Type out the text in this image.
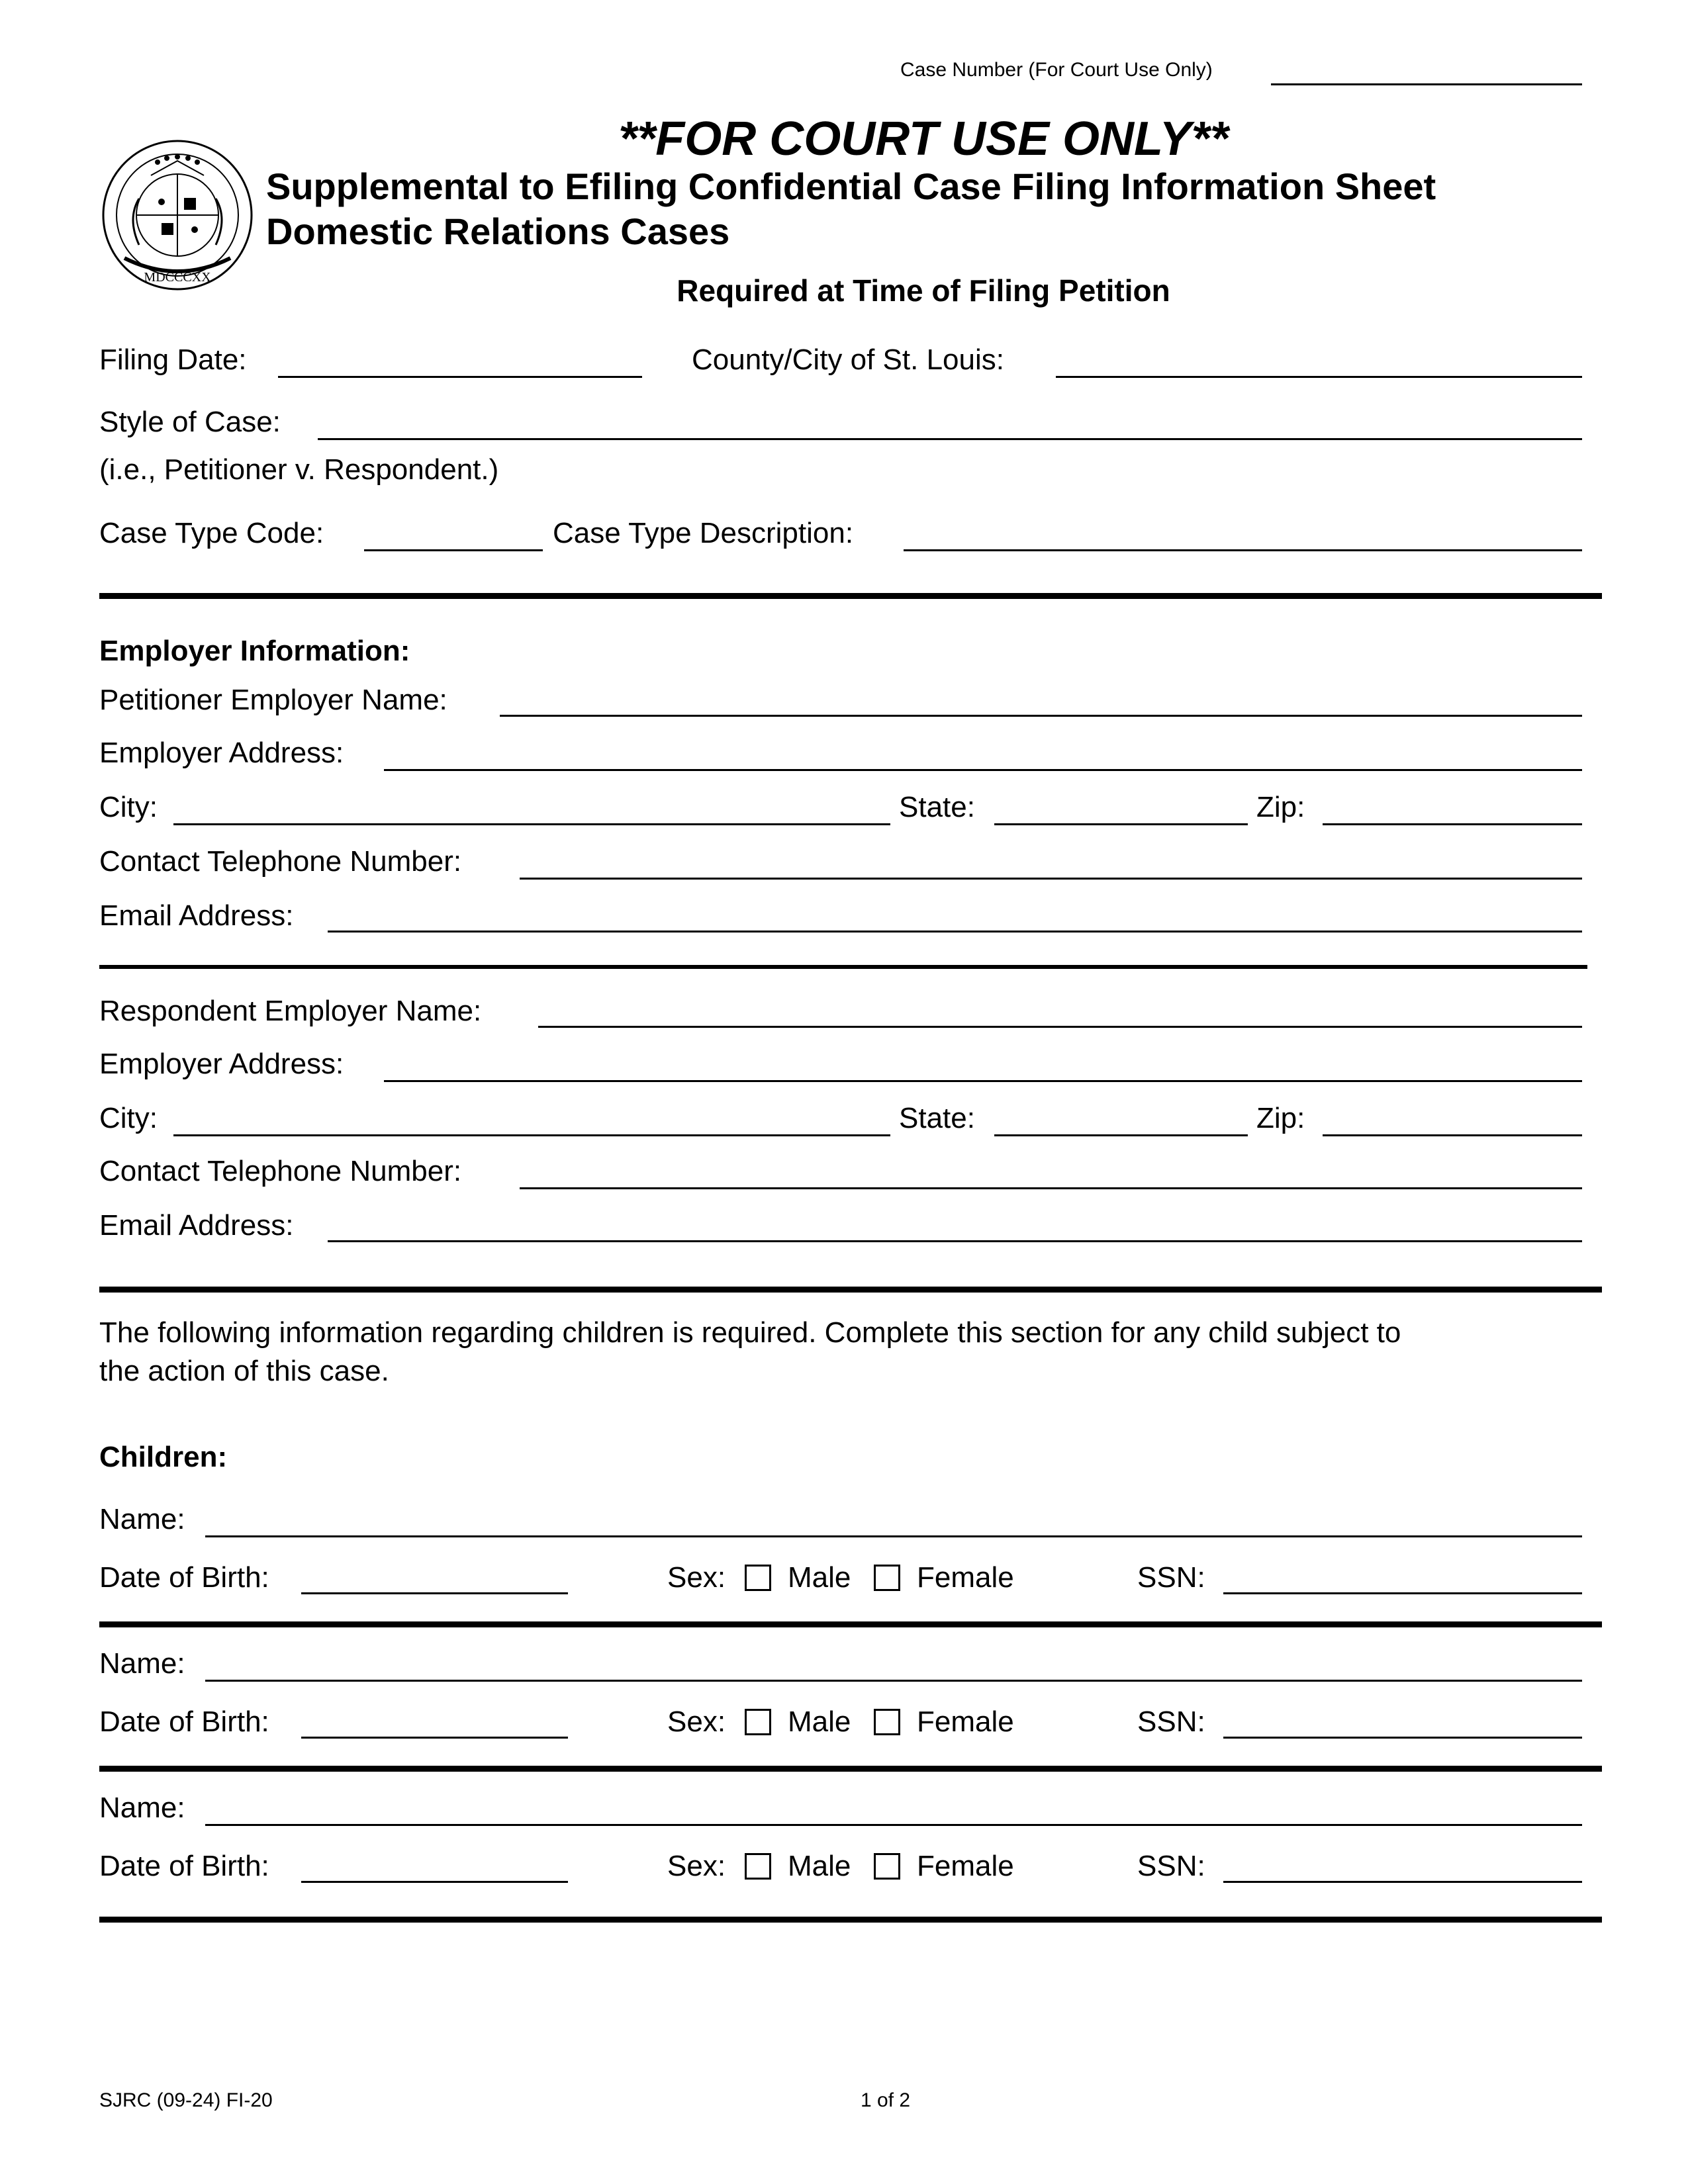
Case Number (For Court Use Only)
MDCCCXX
**FOR COURT USE ONLY**
Supplemental to Efiling Confidential Case Filing Information Sheet
Domestic Relations Cases
Required at Time of Filing Petition
Filing Date:	County/City of St. Louis:
Style of Case:
(i.e., Petitioner v. Respondent.)
Case Type Code:	Case Type Description:
Employer Information:
Petitioner Employer Name:
Employer Address:
City:	State:	Zip:
Contact Telephone Number:
Email Address:
Respondent Employer Name:
Employer Address:
City:	State:	Zip:
Contact Telephone Number:
Email Address:
The following information regarding children is required. Complete this section for any child subject to
the action of this case.
Children:
Name:
Date of Birth:	Sex: Male Female	SSN:
Name:
Date of Birth:	Sex: Male Female	SSN:
Name:
Date of Birth:	Sex: Male Female	SSN:
SJRC (09-24) FI-20	1 of 2
